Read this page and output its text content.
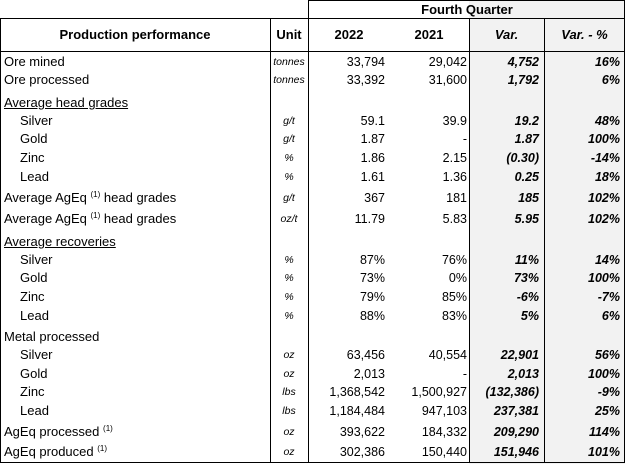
Fourth Quarter
Production performance	Unit	2022	2021	Var.	Var. - %
Ore mined	tonnes	33,794	29,042	4,752	16%
Ore processed	tonnes	33,392	31,600	1,792	6%
Average head grades
Silver	g/t	59.1	39.9	19.2	48%
Gold	g/t	1.87	-	1.87	100%
Zinc	%	1.86	2.15	(0.30)	-14%
Lead	%	1.61	1.36	0.25	18%
Average AgEq $^{(1)}$ head grades	g/t	367	181	185	102%
Average AgEq $^{(1)}$ head grades	oz/t	11.79	5.83	5.95	102%
Average recoveries
Silver	%	87%	76%	11%	14%
Gold	%	73%	0%	73%	100%
Zinc	%	79%	85%	-6%	-7%
Lead	%	88%	83%	5%	6%
Metal processed
Silver	oz	63,456	40,554	22,901	56%
Gold	oz	2,013	-	2,013	100%
Zinc	lbs	1,368,542	1,500,927	(132,386)	-9%
Lead	lbs	1,184,484	947,103	237,381	25%
AgEq processed $^{(1)}$	oz	393,622	184,332	209,290	114%
AgEq produced $^{(1)}$	oz	302,386	150,440	151,946	101%
